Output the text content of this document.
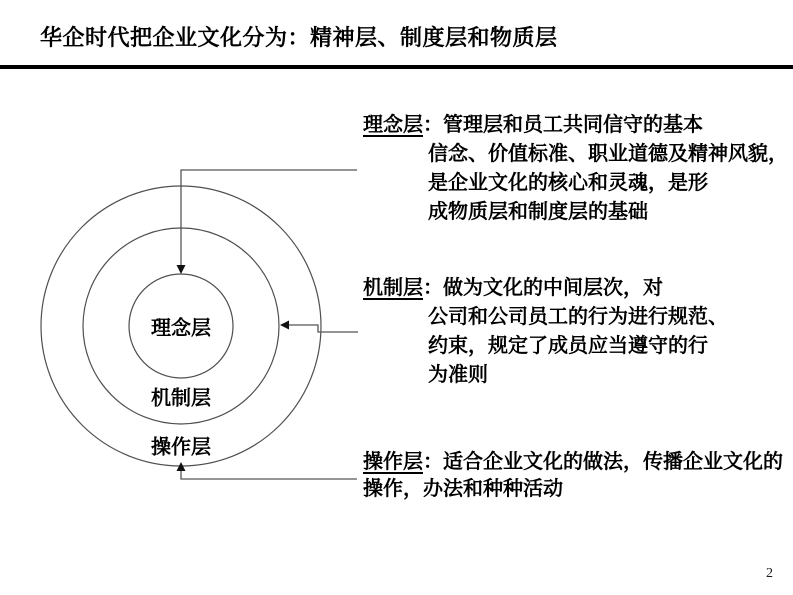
华企时代把企业文化分为：精神层、制度层和物质层
理念层
机制层
操作层
理念层：管理层和员工共同信守的基本
信念、价值标准、职业道德及精神风貌，
是企业文化的核心和灵魂，是形
成物质层和制度层的基础
机制层：做为文化的中间层次，对
公司和公司员工的行为进行规范、
约束，规定了成员应当遵守的行
为准则
操作层：适合企业文化的做法，传播企业文化的
操作，办法和种种活动
2
